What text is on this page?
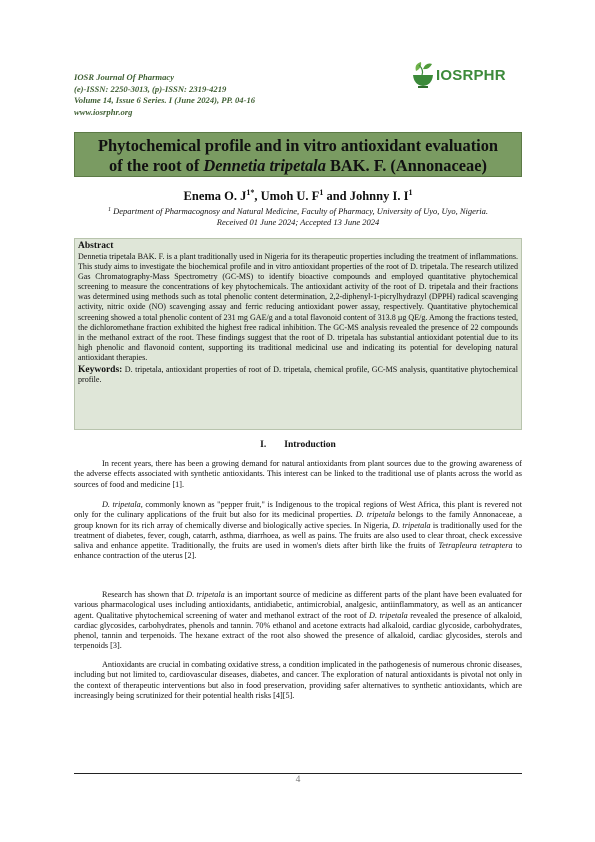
IOSR Journal Of Pharmacy
(e)-ISSN: 2250-3013, (p)-ISSN: 2319-4219
Volume 14, Issue 6 Series. I (June 2024), PP. 04-16
www.iosrphr.org
IOSRPHR
Phytochemical profile and in vitro antioxidant evaluation
of the root of Dennetia tripetala BAK. F. (Annonaceae)
Enema O. $J^{1*}$, Umoh U. $F^1$ and Johnny I. $I^1$
$^1$ Department of Pharmacognosy and Natural Medicine, Faculty of Pharmacy, University of Uyo, Uyo, Nigeria.
Received 01 June 2024; Accepted 13 June 2024
Abstract
Dennetia tripetala BAK. F. is a plant traditionally used in Nigeria for its therapeutic properties including the treatment of inflammations. This study aims to investigate the biochemical profile and in vitro antioxidant properties of the root of D. tripetala. The research utilized Gas Chromatography-Mass Spectrometry (GC-MS) to identify bioactive compounds and employed quantitative phytochemical screening to measure the concentrations of key phytochemicals. The antioxidant activity of the root of D. tripetala and their fractions was determined using methods such as total phenolic content determination, 2,2-diphenyl-1-picrylhydrazyl (DPPH) radical scavenging activity, nitric oxide (NO) scavenging assay and ferric reducing antioxidant power assay, respectively. Quantitative phytochemical screening showed a total phenolic content of 231 mg GAE/g and a total flavonoid content of 313.8 µg QE/g. Among the fractions tested, the dichloromethane fraction exhibited the highest free radical inhibition. The GC-MS analysis revealed the presence of 22 compounds in the methanol extract of the root. These findings suggest that the root of D. tripetala has substantial antioxidant potential due to its high phenolic and flavonoid content, supporting its traditional medicinal use and indicating its potential for developing natural antioxidant therapies.
Keywords: D. tripetala, antioxidant properties of root of D. tripetala, chemical profile, GC-MS analysis, quantitative phytochemical profile.
I. Introduction
In recent years, there has been a growing demand for natural antioxidants from plant sources due to the growing awareness of the adverse effects associated with synthetic antioxidants. This interest can be linked to the traditional use of plants across the world as sources of food and medicine [1].
D. tripetala, commonly known as "pepper fruit," is Indigenous to the tropical regions of West Africa, this plant is revered not only for the culinary applications of the fruit but also for its medicinal properties. D. tripetala belongs to the family Annonaceae, a group known for its rich array of chemically diverse and biologically active species. In Nigeria, D. tripetala is traditionally used for the treatment of diabetes, fever, cough, catarrh, asthma, diarrhoea, as well as pains. The fruits are also used to clear throat, check excessive saliva and enhance appetite. Traditionally, the fruits are used in women's diets after birth like the fruits of Tetrapleura tetraptera to enhance contraction of the uterus [2].
Research has shown that D. tripetala is an important source of medicine as different parts of the plant have been evaluated for various pharmacological uses including antioxidants, antidiabetic, antimicrobial, analgesic, antiinflammatory, as well as an anticancer agent. Qualitative phytochemical screening of water and methanol extract of the root of D. tripetala revealed the presence of alkaloid, cardiac glycosides, carbohydrates, phenols and tannin. 70% ethanol and acetone extracts had alkaloid, cardiac glycoside, carbohydrates, phenol, tannin and terpenoids. The hexane extract of the root also showed the presence of alkaloid, cardiac glycosides, sterols and terpenoids [3].
Antioxidants are crucial in combating oxidative stress, a condition implicated in the pathogenesis of numerous chronic diseases, including but not limited to, cardiovascular diseases, diabetes, and cancer. The exploration of natural antioxidants is pivotal not only in the context of therapeutic interventions but also in food preservation, providing safer alternatives to synthetic antioxidants, which are increasingly being scrutinized for their potential health risks [4][5].
4
